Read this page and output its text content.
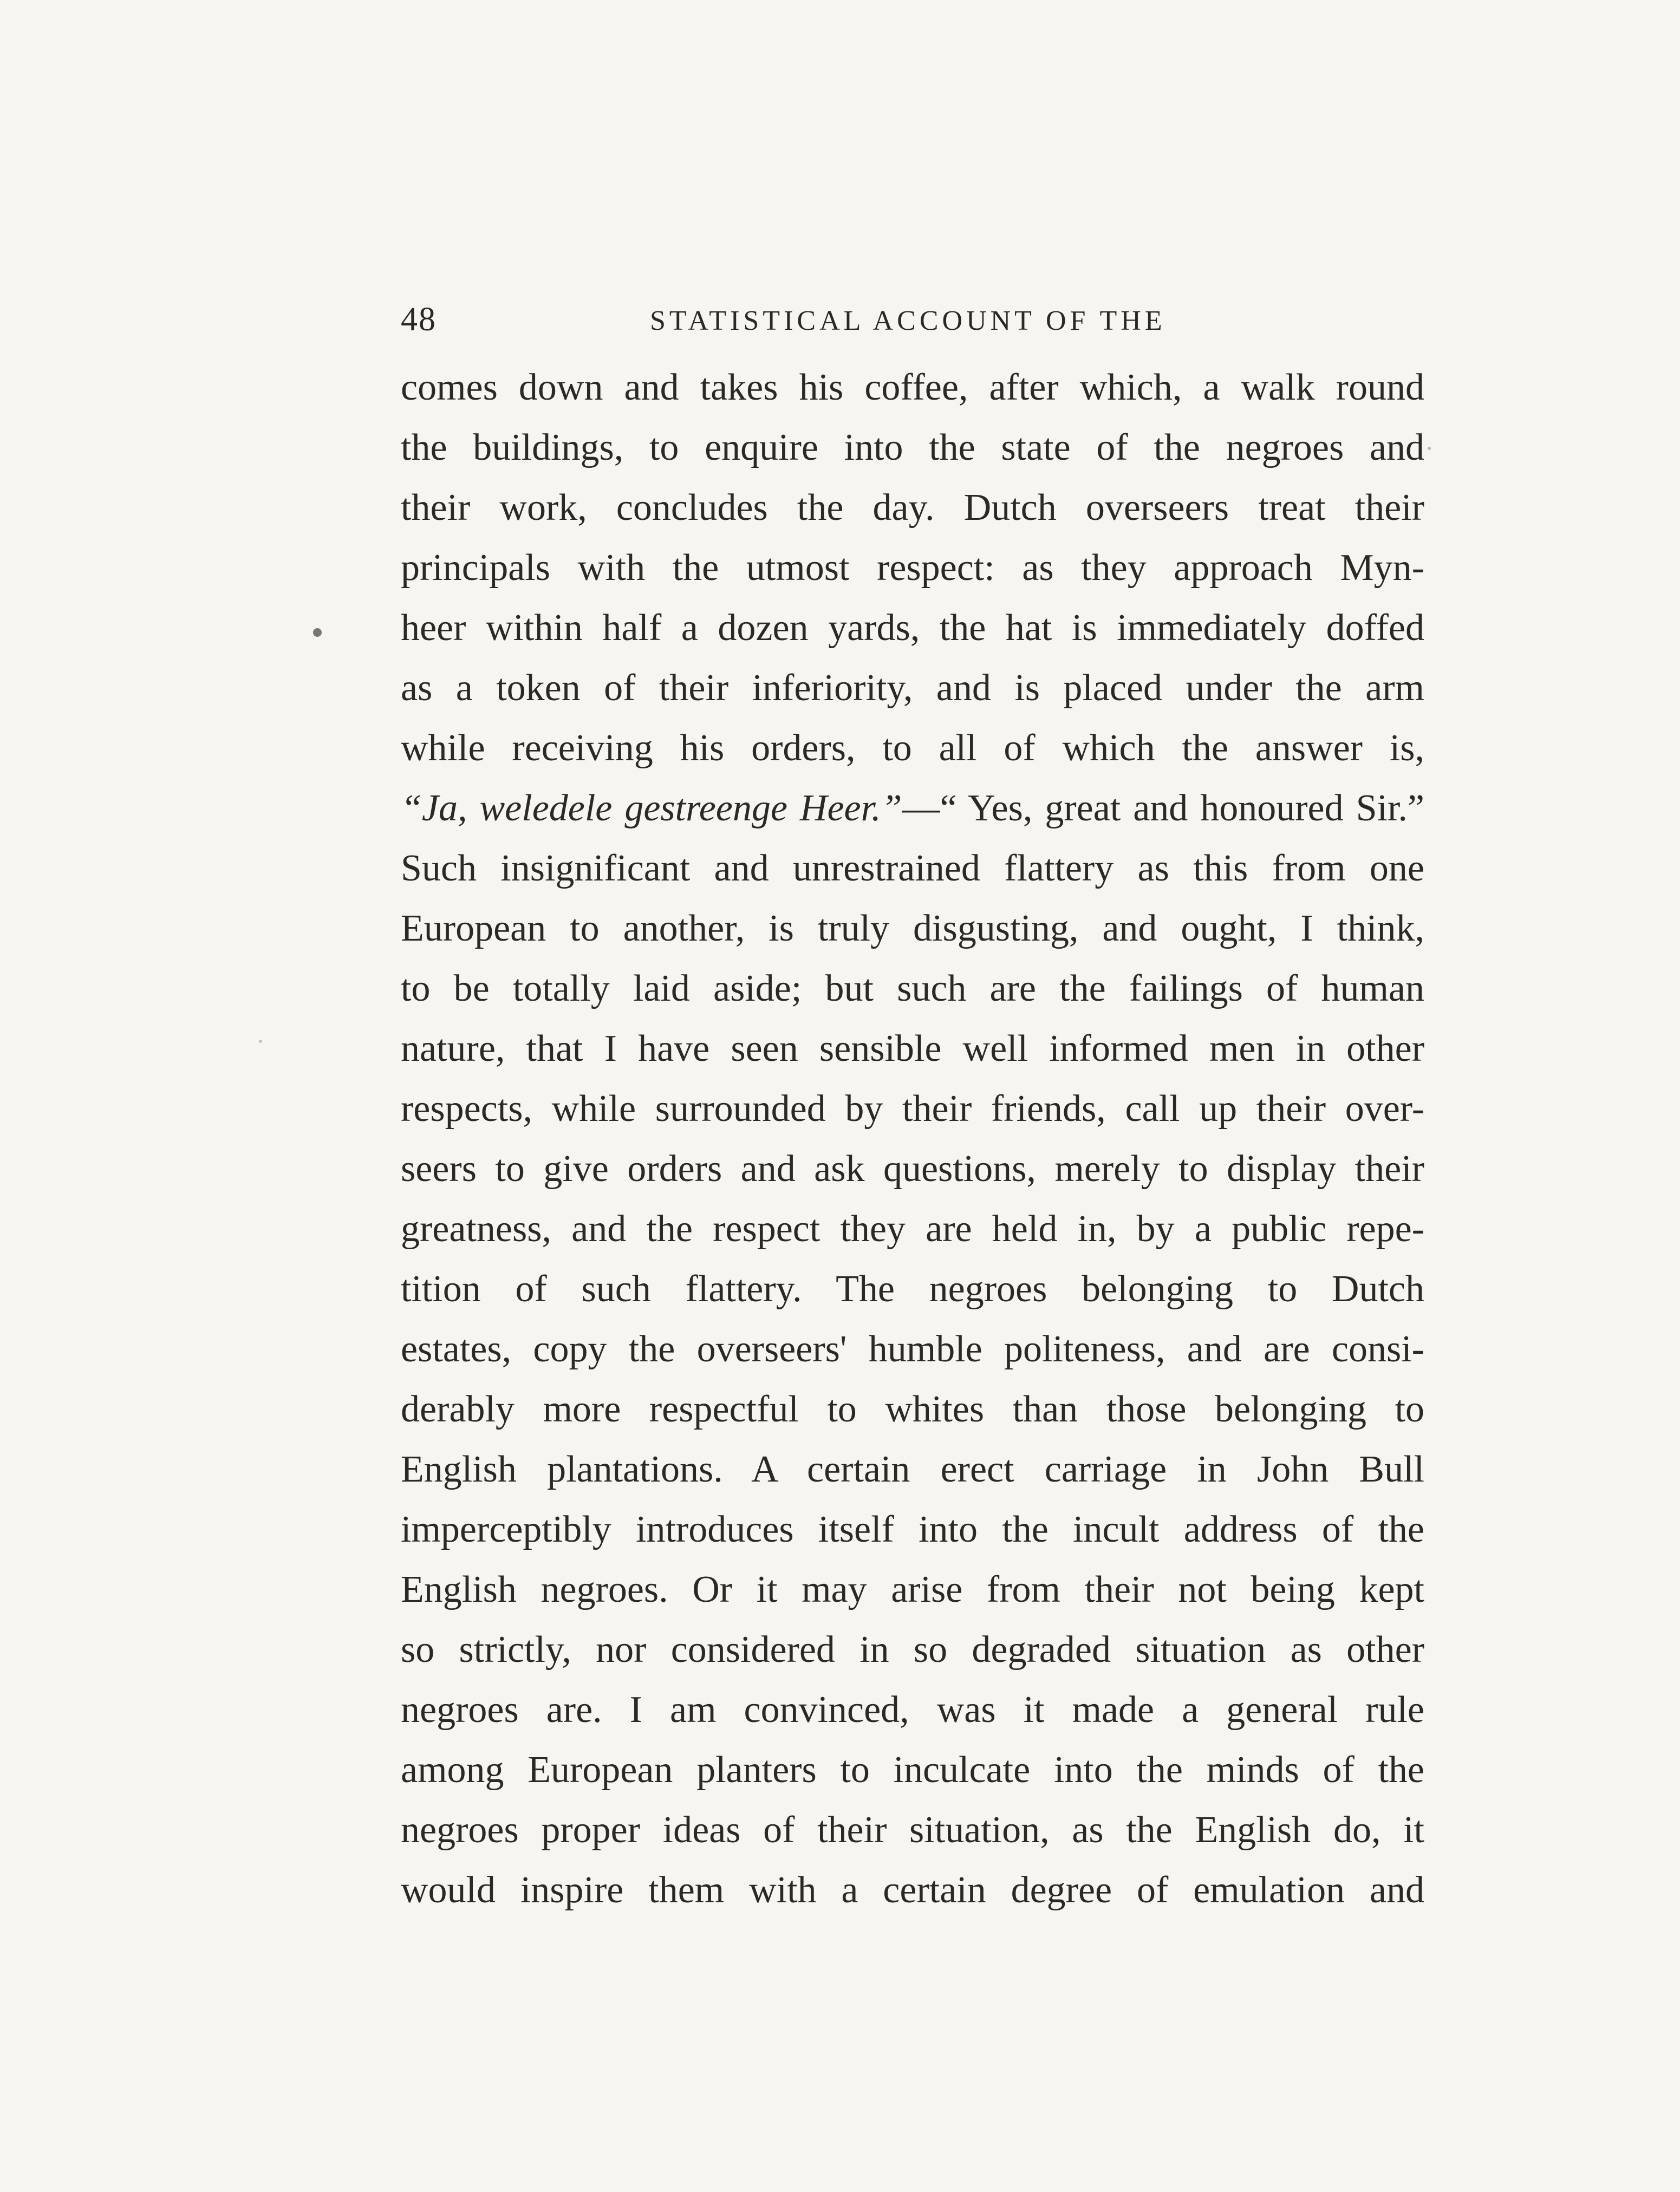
48	STATISTICAL ACCOUNT OF THE
comes down and takes his coffee, after which, a walk round
the buildings, to enquire into the state of the negroes and
their work, concludes the day. Dutch overseers treat their
principals with the utmost respect: as they approach Myn-
heer within half a dozen yards, the hat is immediately doffed
as a token of their inferiority, and is placed under the arm
while receiving his orders, to all of which the answer is,
“Ja, weledele gestreenge Heer.”—“ Yes, great and honoured Sir.”
Such insignificant and unrestrained flattery as this from one
European to another, is truly disgusting, and ought, I think,
to be totally laid aside; but such are the failings of human
nature, that I have seen sensible well informed men in other
respects, while surrounded by their friends, call up their over-
seers to give orders and ask questions, merely to display their
greatness, and the respect they are held in, by a public repe-
tition of such flattery. The negroes belonging to Dutch
estates, copy the overseers' humble politeness, and are consi-
derably more respectful to whites than those belonging to
English plantations. A certain erect carriage in John Bull
imperceptibly introduces itself into the incult address of the
English negroes. Or it may arise from their not being kept
so strictly, nor considered in so degraded situation as other
negroes are. I am convinced, was it made a general rule
among European planters to inculcate into the minds of the
negroes proper ideas of their situation, as the English do, it
would inspire them with a certain degree of emulation and
